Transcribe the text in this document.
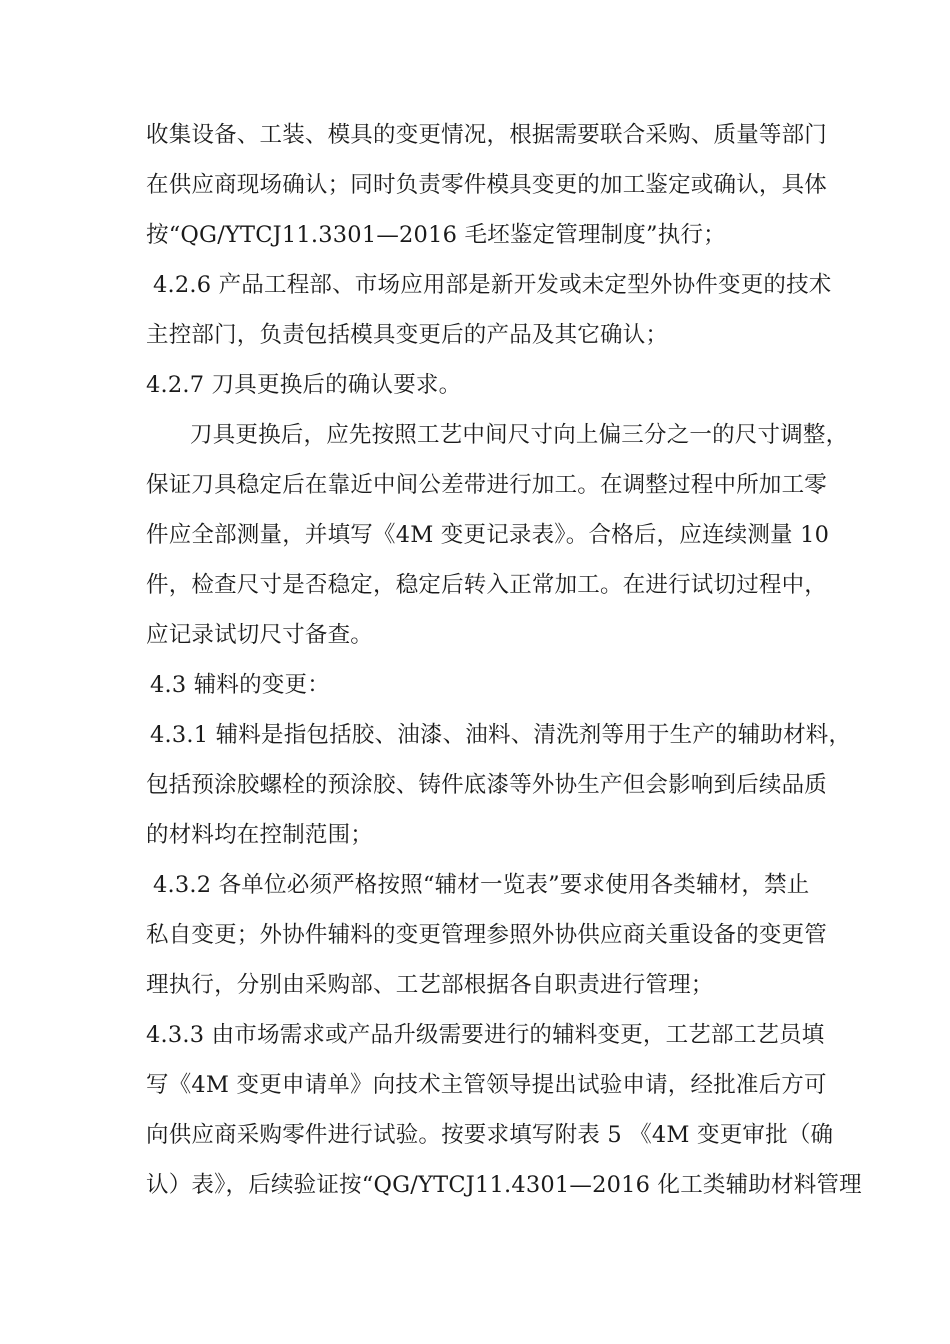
收集设备、工装、模具的变更情况，根据需要联合采购、质量等部门
在供应商现场确认；同时负责零件模具变更的加工鉴定或确认，具体
按“QG/YTCJ11.3301—2016 毛坯鉴定管理制度”执行；
4.2.6 产品工程部、市场应用部是新开发或未定型外协件变更的技术
主控部门，负责包括模具变更后的产品及其它确认；
4.2.7 刀具更换后的确认要求。
刀具更换后，应先按照工艺中间尺寸向上偏三分之一的尺寸调整，
保证刀具稳定后在靠近中间公差带进行加工。在调整过程中所加工零
件应全部测量，并填写《4M 变更记录表》。合格后，应连续测量 10
件，检查尺寸是否稳定，稳定后转入正常加工。在进行试切过程中，
应记录试切尺寸备查。
4.3 辅料的变更：
4.3.1 辅料是指包括胶、油漆、油料、清洗剂等用于生产的辅助材料，
包括预涂胶螺栓的预涂胶、铸件底漆等外协生产但会影响到后续品质
的材料均在控制范围；
4.3.2 各单位必须严格按照“辅材一览表”要求使用各类辅材，禁止
私自变更；外协件辅料的变更管理参照外协供应商关重设备的变更管
理执行，分别由采购部、工艺部根据各自职责进行管理；
4.3.3 由市场需求或产品升级需要进行的辅料变更，工艺部工艺员填
写《4M 变更申请单》向技术主管领导提出试验申请，经批准后方可
向供应商采购零件进行试验。按要求填写附表 5 《4M 变更审批（确
认）表》，后续验证按“QG/YTCJ11.4301—2016 化工类辅助材料管理
